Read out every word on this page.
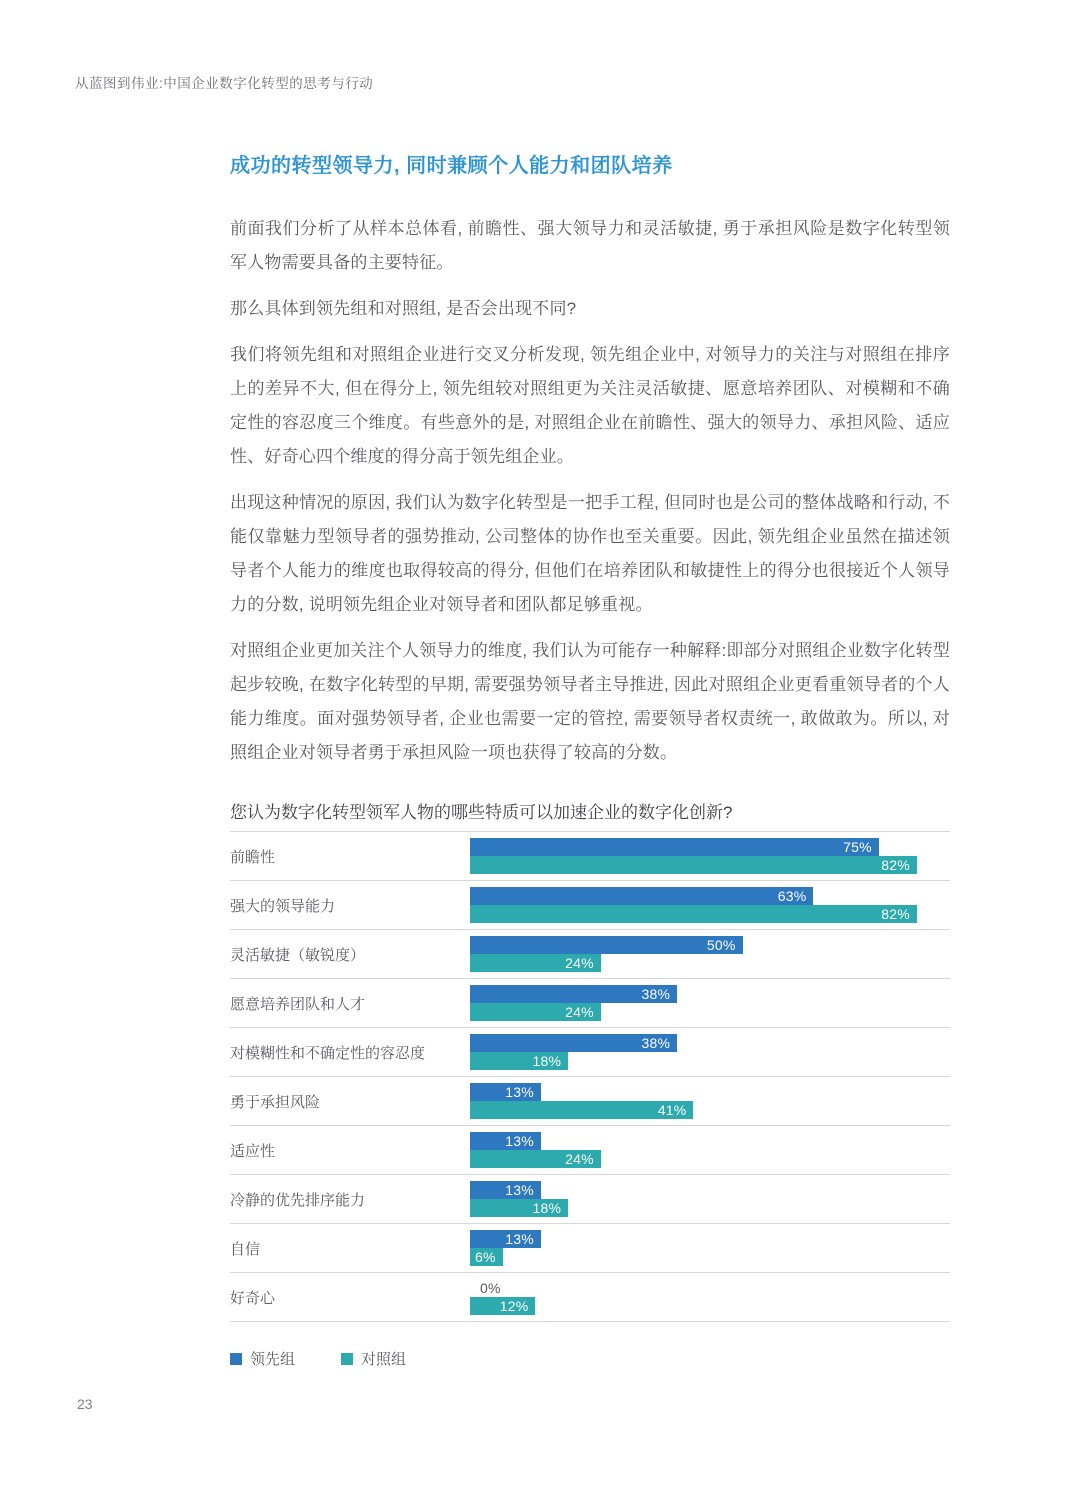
从蓝图到伟业:中国企业数字化转型的思考与行动
成功的转型领导力, 同时兼顾个人能力和团队培养

前面我们分析了从样本总体看, 前瞻性、强大领导力和灵活敏捷, 勇于承担风险是数字化转型领军人物需要具备的主要特征。

那么具体到领先组和对照组, 是否会出现不同?

我们将领先组和对照组企业进行交叉分析发现, 领先组企业中, 对领导力的关注与对照组在排序上的差异不大, 但在得分上, 领先组较对照组更为关注灵活敏捷、愿意培养团队、对模糊和不确定性的容忍度三个维度。有些意外的是, 对照组企业在前瞻性、强大的领导力、承担风险、适应性、好奇心四个维度的得分高于领先组企业。

出现这种情况的原因, 我们认为数字化转型是一把手工程, 但同时也是公司的整体战略和行动, 不能仅靠魅力型领导者的强势推动, 公司整体的协作也至关重要。因此, 领先组企业虽然在描述领导者个人能力的维度也取得较高的得分, 但他们在培养团队和敏捷性上的得分也很接近个人领导力的分数, 说明领先组企业对领导者和团队都足够重视。

对照组企业更加关注个人领导力的维度, 我们认为可能存一种解释:即部分对照组企业数字化转型起步较晚, 在数字化转型的早期, 需要强势领导者主导推进, 因此对照组企业更看重领导者的个人能力维度。面对强势领导者, 企业也需要一定的管控, 需要领导者权责统一, 敢做敢为。所以, 对照组企业对领导者勇于承担风险一项也获得了较高的分数。

您认为数字化转型领军人物的哪些特质可以加速企业的数字化创新?
前瞻性
75%
82%
强大的领导能力
63%
82%
灵活敏捷（敏锐度）
50%
24%
愿意培养团队和人才
38%
24%
对模糊性和不确定性的容忍度
38%
18%
勇于承担风险
13%
41%
适应性
13%
24%
冷静的优先排序能力
13%
18%
自信
13%
6%
好奇心
0%
12%
领先组	对照组
23
